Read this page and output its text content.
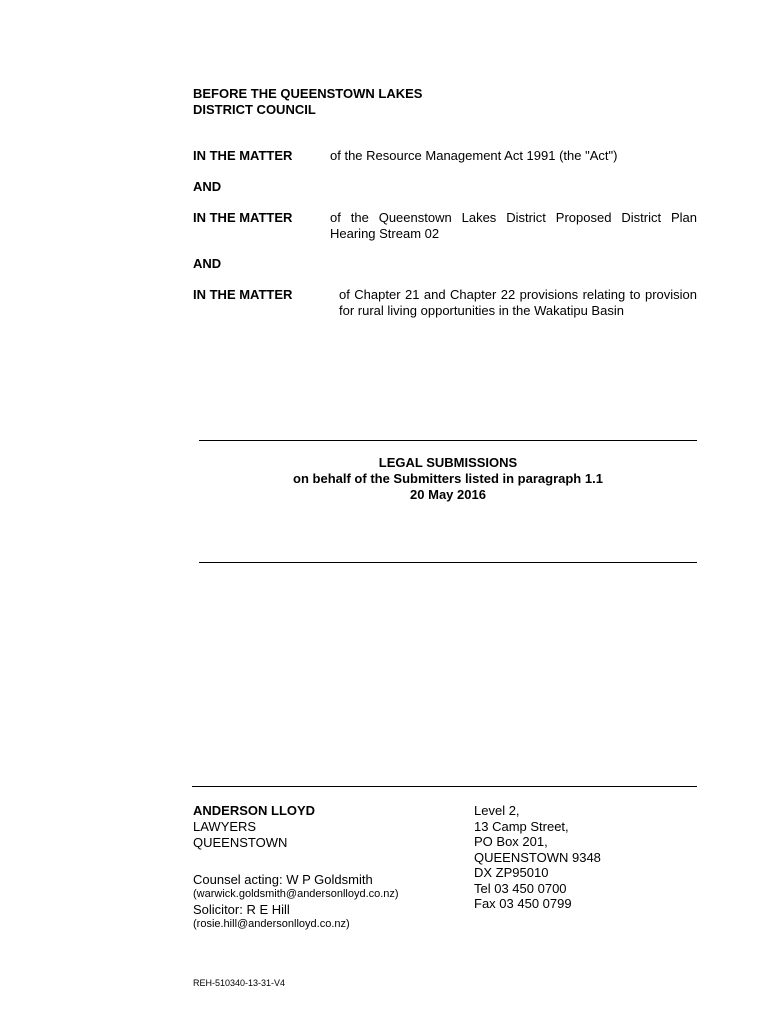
BEFORE THE QUEENSTOWN LAKES
DISTRICT COUNCIL
IN THE MATTER	of the Resource Management Act 1991 (the "Act")
AND
IN THE MATTER	of the Queenstown Lakes District Proposed District Plan Hearing Stream 02
AND
IN THE MATTER	of Chapter 21 and Chapter 22 provisions relating to provision for rural living opportunities in the Wakatipu Basin
LEGAL SUBMISSIONS
on behalf of the Submitters listed in paragraph 1.1
20 May 2016
ANDERSON LLOYD
LAWYERS
QUEENSTOWN
Counsel acting: W P Goldsmith
(warwick.goldsmith@andersonlloyd.co.nz)
Solicitor: R E Hill
(rosie.hill@andersonlloyd.co.nz)
Level 2,
13 Camp Street,
PO Box 201,
QUEENSTOWN 9348
DX ZP95010
Tel 03 450 0700
Fax 03 450 0799
REH-510340-13-31-V4
